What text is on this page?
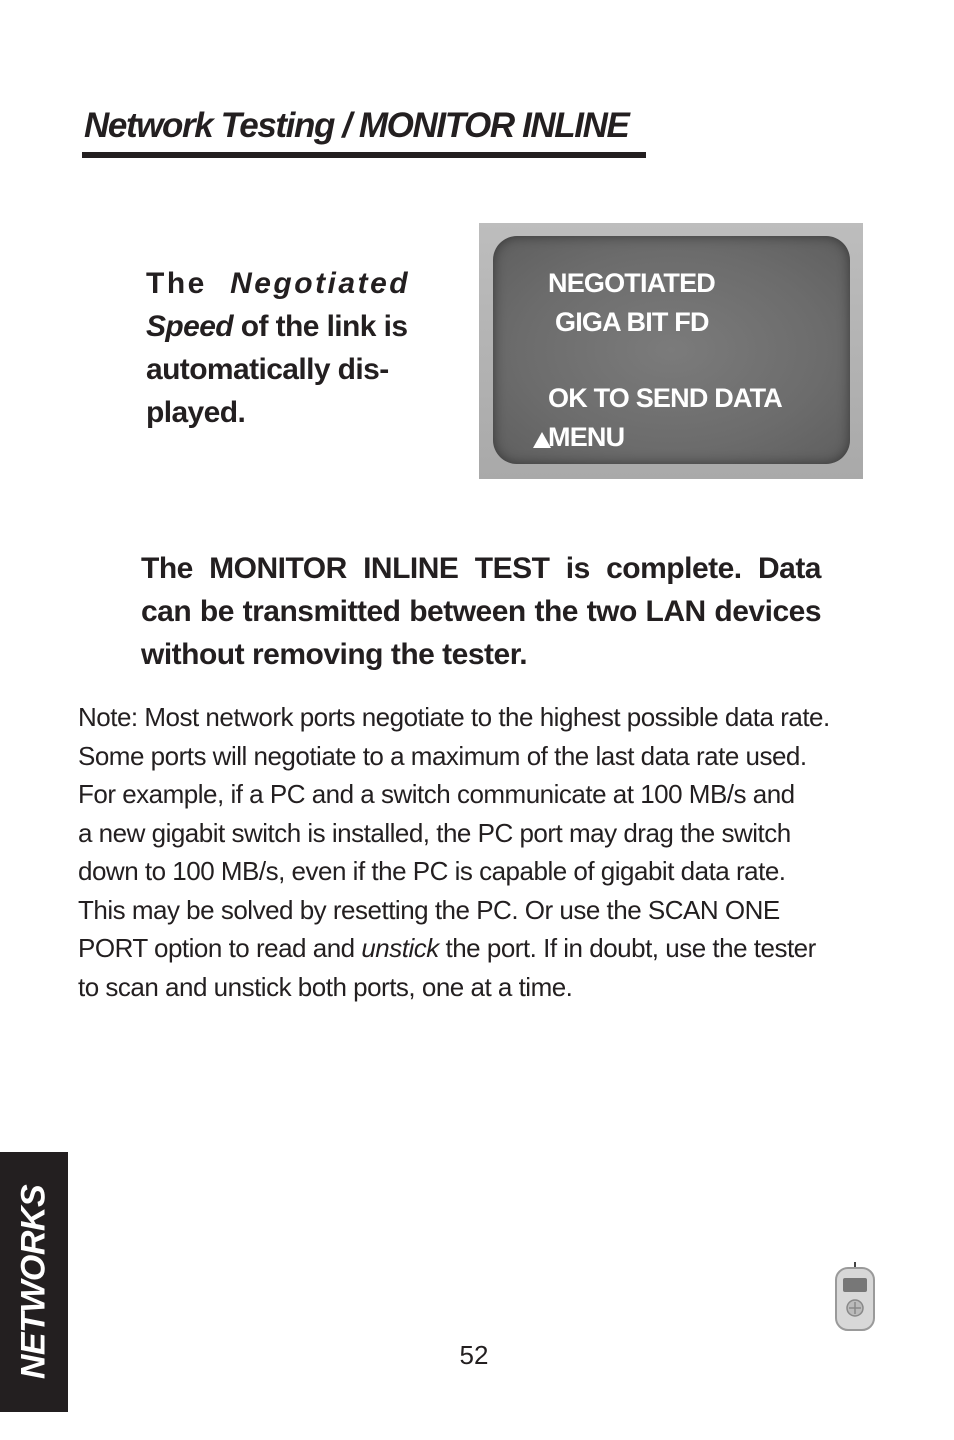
Network Testing / MONITOR INLINE
The Negotiated
Speed of the link is
automatically dis-
played.
NEGOTIATED
GIGA BIT FD
OK TO SEND DATA
MENU
The MONITOR INLINE TEST is complete. Data can be transmitted between the two LAN devices without removing the tester.
Note: Most network ports negotiate to the highest possible data rate.
Some ports will negotiate to a maximum of the last data rate used.
For example, if a PC and a switch communicate at 100 MB/s and
a new gigabit switch is installed, the PC port may drag the switch
down to 100 MB/s, even if the PC is capable of gigabit data rate.
This may be solved by resetting the PC. Or use the SCAN ONE
PORT option to read and unstick the port. If in doubt, use the tester
to scan and unstick both ports, one at a time.
NETWORKS	52
